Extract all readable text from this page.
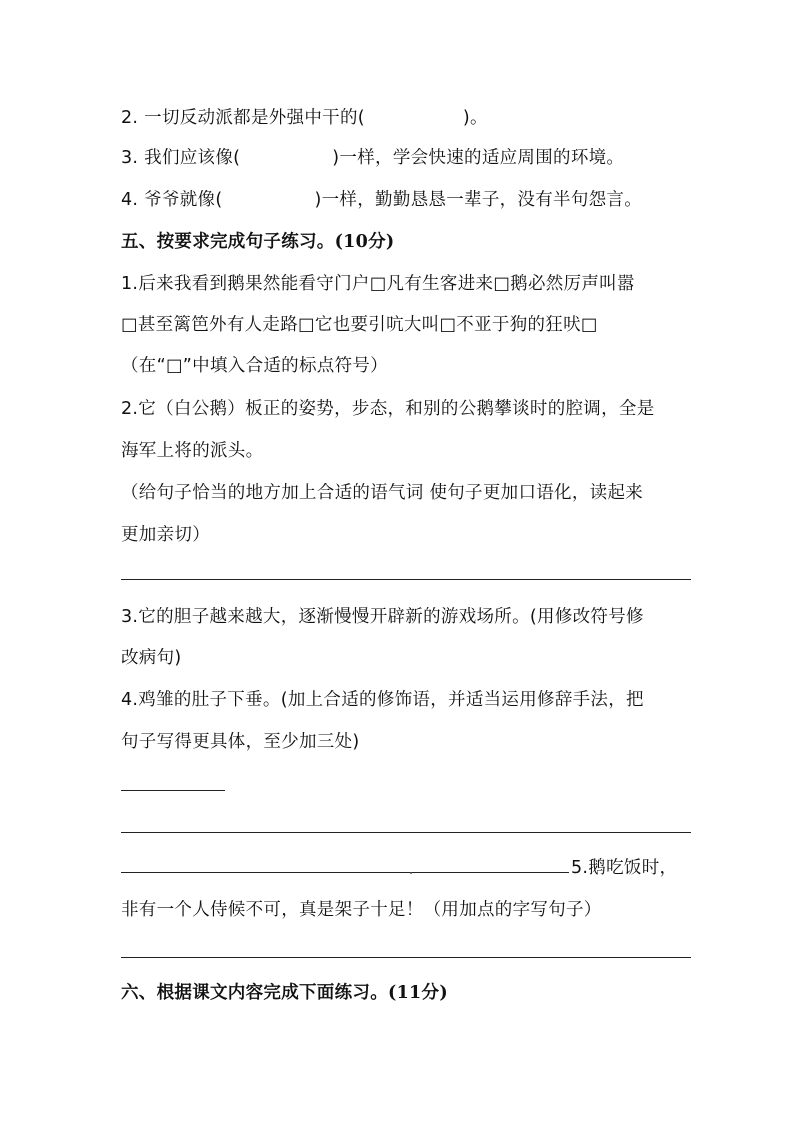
2. 一切反动派都是外强中干的(	)。
3. 我们应该像(	)一样，学会快速的适应周围的环境。
4. 爷爷就像(	)一样，勤勤恳恳一辈子，没有半句怨言。
五、按要求完成句子练习。(10分)
1.后来我看到鹅果然能看守门户□凡有生客进来□鹅必然厉声叫嚣
□甚至篱笆外有人走路□它也要引吭大叫□不亚于狗的狂吠□
（在“□”中填入合适的标点符号）
2.它（白公鹅）板正的姿势，步态，和别的公鹅攀谈时的腔调，全是
海军上将的派头。
（给句子恰当的地方加上合适的语气词 使句子更加口语化，读起来
更加亲切）
3.它的胆子越来越大，逐渐慢慢开辟新的游戏场所。(用修改符号修
改病句)
4.鸡雏的肚子下垂。(加上合适的修饰语，并适当运用修辞手法，把
句子写得更具体，至少加三处)
5.鹅吃饭时，
非有一个人侍候不可，真是架子十足！（用加点的字写句子）
六、根据课文内容完成下面练习。(11分)
